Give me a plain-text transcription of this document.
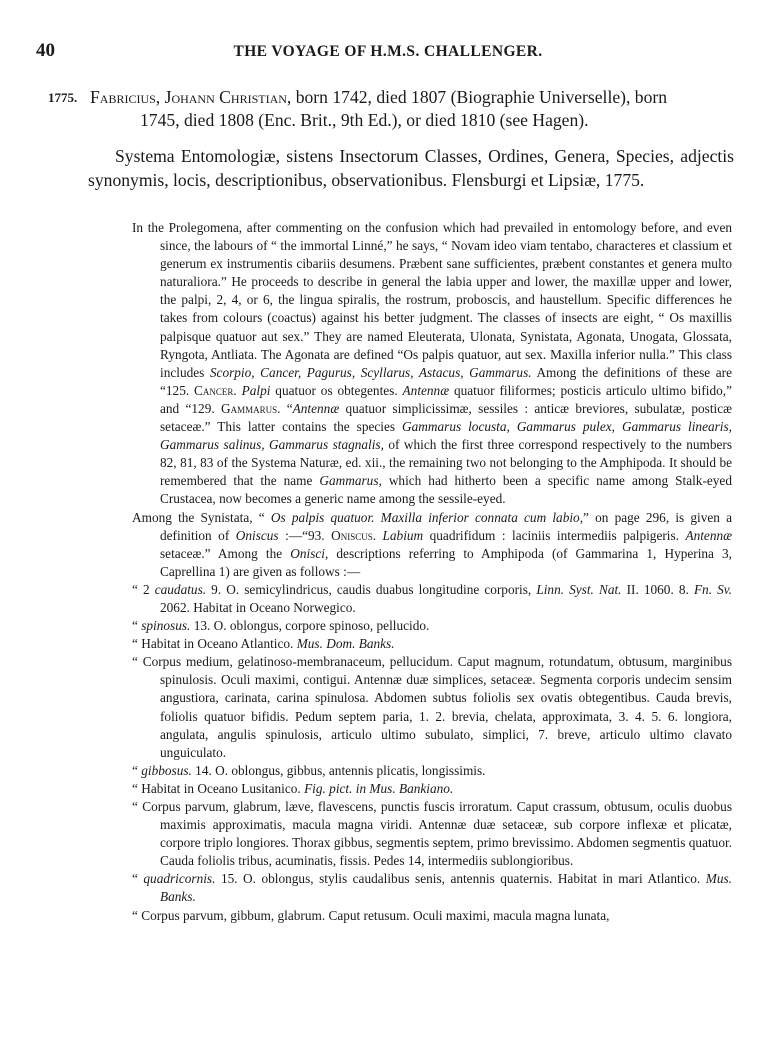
40	THE VOYAGE OF H.M.S. CHALLENGER.
1775. Fabricius, Johann Christian, born 1742, died 1807 (Biographie Universelle), born
1745, died 1808 (Enc. Brit., 9th Ed.), or died 1810 (see Hagen).

Systema Entomologiæ, sistens Insectorum Classes, Ordines, Genera, Species, adjectis synonymis, locis, descriptionibus, observationibus. Flensburgi et Lipsiæ, 1775.

In the Prolegomena, after commenting on the confusion which had prevailed in entomology before, and even since, the labours of “ the immortal Linné,” he says, “ Novam ideo viam tentabo, characteres et classium et generum ex instrumentis cibariis desumens. Præbent sane sufficientes, præbent constantes et genera multo naturaliora.” He proceeds to describe in general the labia upper and lower, the maxillæ upper and lower, the palpi, 2, 4, or 6, the lingua spiralis, the rostrum, proboscis, and haustellum. Specific differences he takes from colours (coactus) against his better judgment. The classes of insects are eight, “ Os maxillis palpisque quatuor aut sex.” They are named Eleuterata, Ulonata, Synistata, Agonata, Unogata, Glossata, Ryngota, Antliata. The Agonata are defined “Os palpis quatuor, aut sex. Maxilla inferior nulla.” This class includes Scorpio, Cancer, Pagurus, Scyllarus, Astacus, Gammarus. Among the definitions of these are “125. Cancer. Palpi quatuor os obtegentes. Antennæ quatuor filiformes; posticis articulo ultimo bifido,” and “129. Gammarus. “Antennæ quatuor simplicissimæ, sessiles : anticæ breviores, subulatæ, posticæ setaceæ.” This latter contains the species Gammarus locusta, Gammarus pulex, Gammarus linearis, Gammarus salinus, Gammarus stagnalis, of which the first three correspond respectively to the numbers 82, 81, 83 of the Systema Naturæ, ed. xii., the remaining two not belonging to the Amphipoda. It should be remembered that the name Gammarus, which had hitherto been a specific name among Stalk-eyed Crustacea, now becomes a generic name among the sessile-eyed.

Among the Synistata, “ Os palpis quatuor. Maxilla inferior connata cum labio,” on page 296, is given a definition of Oniscus :—“93. Oniscus. Labium quadrifidum : laciniis intermediis palpigeris. Antennæ setaceæ.” Among the Onisci, descriptions referring to Amphipoda (of Gammarina 1, Hyperina 3, Caprellina 1) are given as follows :—

“ 2 caudatus. 9. O. semicylindricus, caudis duabus longitudine corporis, Linn. Syst. Nat. II. 1060. 8. Fn. Sv. 2062. Habitat in Oceano Norwegico.

“ spinosus. 13. O. oblongus, corpore spinoso, pellucido.

“ Habitat in Oceano Atlantico. Mus. Dom. Banks.

“ Corpus medium, gelatinoso-membranaceum, pellucidum. Caput magnum, rotundatum, obtusum, marginibus spinulosis. Oculi maximi, contigui. Antennæ duæ simplices, setaceæ. Segmenta corporis undecim sensim angustiora, carinata, carina spinulosa. Abdomen subtus foliolis sex ovatis obtegentibus. Cauda brevis, foliolis quatuor bifidis. Pedum septem paria, 1. 2. brevia, chelata, approximata, 3. 4. 5. 6. longiora, angulata, angulis spinulosis, articulo ultimo subulato, simplici, 7. breve, articulo ultimo clavato unguiculato.

“ gibbosus. 14. O. oblongus, gibbus, antennis plicatis, longissimis.

“ Habitat in Oceano Lusitanico. Fig. pict. in Mus. Bankiano.

“ Corpus parvum, glabrum, læve, flavescens, punctis fuscis irroratum. Caput crassum, obtusum, oculis duobus maximis approximatis, macula magna viridi. Antennæ duæ setaceæ, sub corpore inflexæ et plicatæ, corpore triplo longiores. Thorax gibbus, segmentis septem, primo brevissimo. Abdomen segmentis quatuor. Cauda foliolis tribus, acuminatis, fissis. Pedes 14, intermediis sublongioribus.

“ quadricornis. 15. O. oblongus, stylis caudalibus senis, antennis quaternis. Habitat in mari Atlantico. Mus. Banks.

“ Corpus parvum, gibbum, glabrum. Caput retusum. Oculi maximi, macula magna lunata,
